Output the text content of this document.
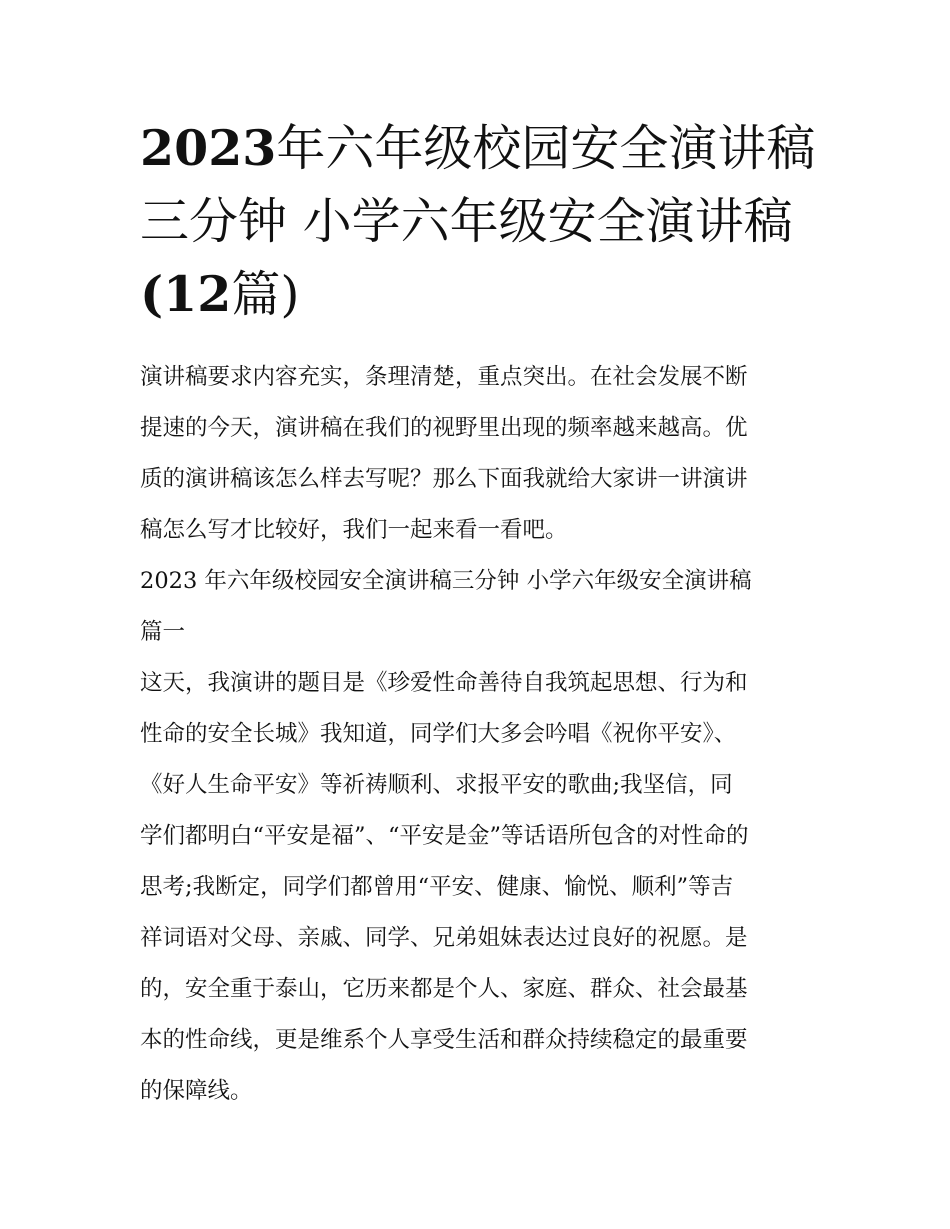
2023年六年级校园安全演讲稿
三分钟 小学六年级安全演讲稿
(12篇)
演讲稿要求内容充实，条理清楚，重点突出。在社会发展不断
提速的今天，演讲稿在我们的视野里出现的频率越来越高。优
质的演讲稿该怎么样去写呢？那么下面我就给大家讲一讲演讲
稿怎么写才比较好，我们一起来看一看吧。
2023 年六年级校园安全演讲稿三分钟 小学六年级安全演讲稿
篇一
这天，我演讲的题目是《珍爱性命善待自我筑起思想、行为和
性命的安全长城》我知道，同学们大多会吟唱《祝你平安》、
《好人生命平安》等祈祷顺利、求报平安的歌曲;我坚信，同
学们都明白“平安是福”、“平安是金”等话语所包含的对性命的
思考;我断定，同学们都曾用“平安、健康、愉悦、顺利”等吉
祥词语对父母、亲戚、同学、兄弟姐妹表达过良好的祝愿。是
的，安全重于泰山，它历来都是个人、家庭、群众、社会最基
本的性命线，更是维系个人享受生活和群众持续稳定的最重要
的保障线。
